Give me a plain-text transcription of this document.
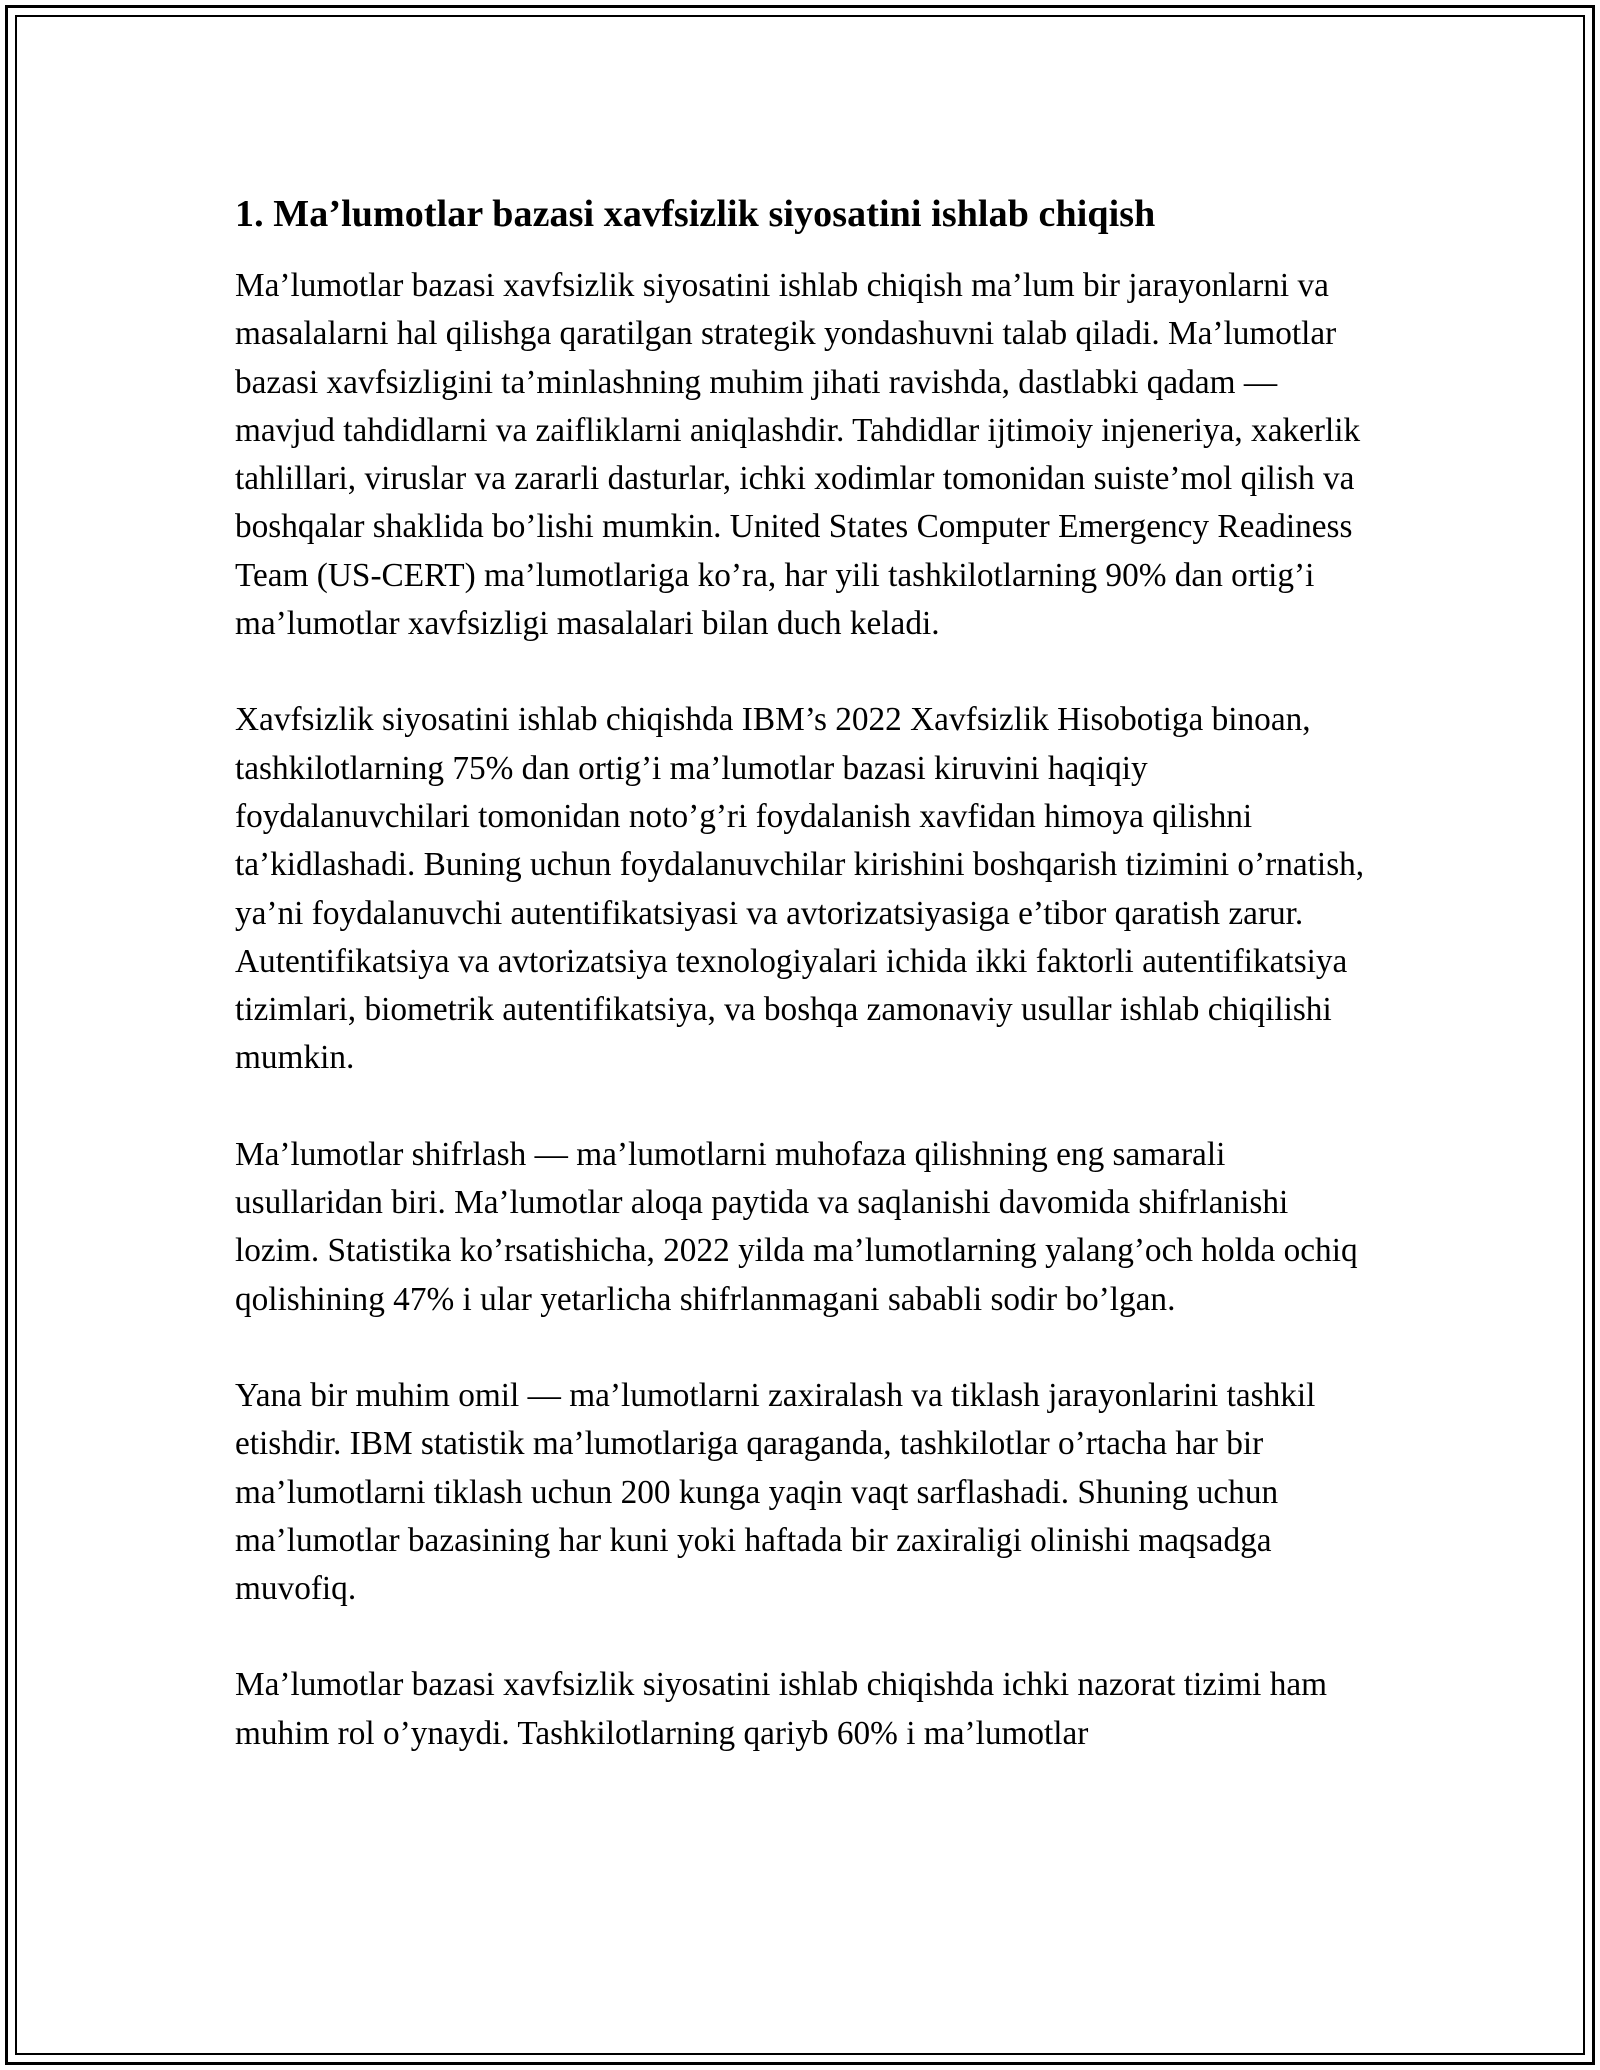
1. Ma’lumotlar bazasi xavfsizlik siyosatini ishlab chiqish

Ma’lumotlar bazasi xavfsizlik siyosatini ishlab chiqish ma’lum bir jarayonlarni va masalalarni hal qilishga qaratilgan strategik yondashuvni talab qiladi. Ma’lumotlar bazasi xavfsizligini ta’minlashning muhim jihati ravishda, dastlabki qadam — mavjud tahdidlarni va zaifliklarni aniqlashdir. Tahdidlar ijtimoiy injeneriya, xakerlik tahlillari, viruslar va zararli dasturlar, ichki xodimlar tomonidan suiste’mol qilish va boshqalar shaklida bo’lishi mumkin. United States Computer Emergency Readiness Team (US-CERT) ma’lumotlariga ko’ra, har yili tashkilotlarning 90% dan ortig’i ma’lumotlar xavfsizligi masalalari bilan duch keladi.

Xavfsizlik siyosatini ishlab chiqishda IBM’s 2022 Xavfsizlik Hisobotiga binoan, tashkilotlarning 75% dan ortig’i ma’lumotlar bazasi kiruvini haqiqiy foydalanuvchilari tomonidan noto’g’ri foydalanish xavfidan himoya qilishni ta’kidlashadi. Buning uchun foydalanuvchilar kirishini boshqarish tizimini o’rnatish, ya’ni foydalanuvchi autentifikatsiyasi va avtorizatsiyasiga e’tibor qaratish zarur. Autentifikatsiya va avtorizatsiya texnologiyalari ichida ikki faktorli autentifikatsiya tizimlari, biometrik autentifikatsiya, va boshqa zamonaviy usullar ishlab chiqilishi mumkin.

Ma’lumotlar shifrlash — ma’lumotlarni muhofaza qilishning eng samarali usullaridan biri. Ma’lumotlar aloqa paytida va saqlanishi davomida shifrlanishi lozim. Statistika ko’rsatishicha, 2022 yilda ma’lumotlarning yalang’och holda ochiq qolishining 47% i ular yetarlicha shifrlanmagani sababli sodir bo’lgan.

Yana bir muhim omil — ma’lumotlarni zaxiralash va tiklash jarayonlarini tashkil etishdir. IBM statistik ma’lumotlariga qaraganda, tashkilotlar o’rtacha har bir ma’lumotlarni tiklash uchun 200 kunga yaqin vaqt sarflashadi. Shuning uchun ma’lumotlar bazasining har kuni yoki haftada bir zaxiraligi olinishi maqsadga muvofiq.

Ma’lumotlar bazasi xavfsizlik siyosatini ishlab chiqishda ichki nazorat tizimi ham muhim rol o’ynaydi. Tashkilotlarning qariyb 60% i ma’lumotlar
